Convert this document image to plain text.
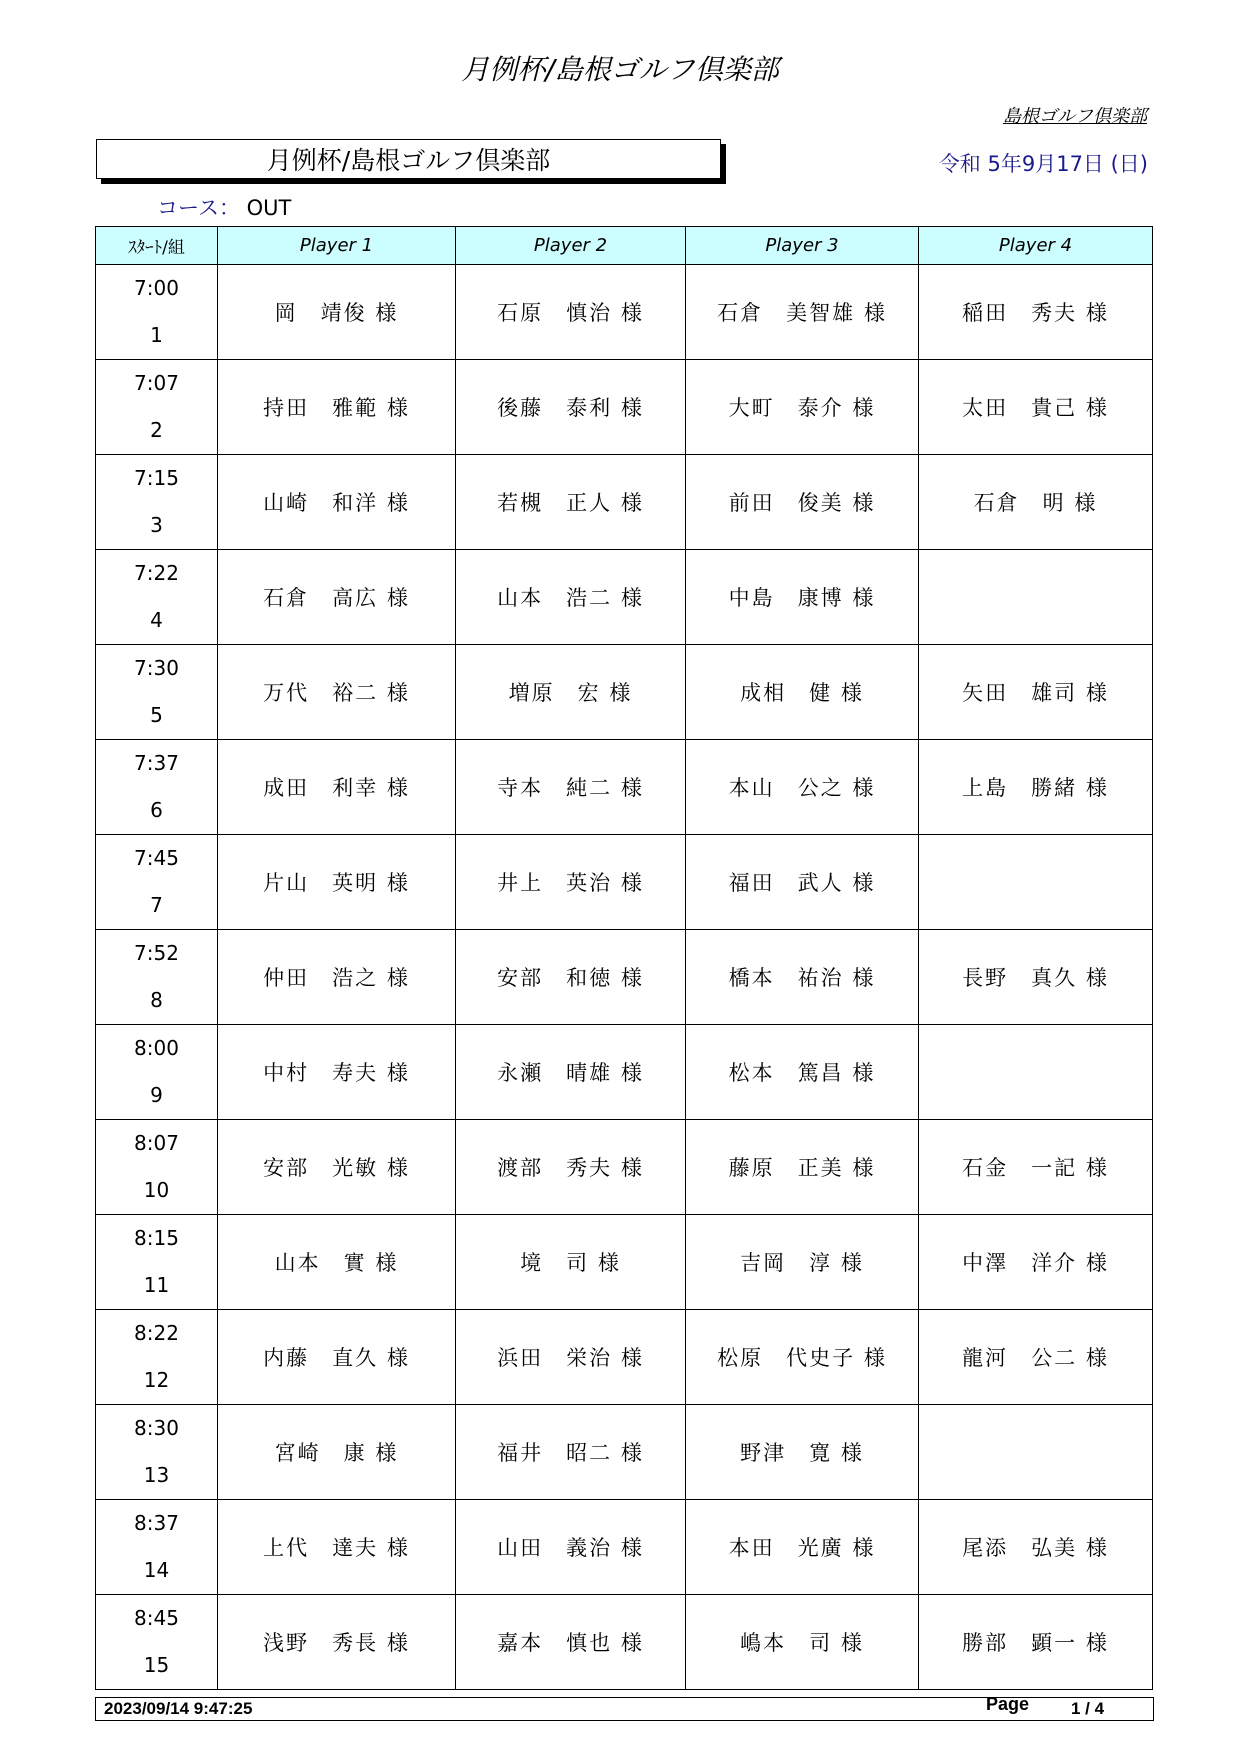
月例杯/島根ゴルフ倶楽部
島根ゴルフ倶楽部
月例杯/島根ゴルフ倶楽部	令和 5年9月17日 (日)
コース： OUT
ｽﾀｰﾄ/組	Player 1	Player 2	Player 3	Player 4

7:00
1	岡　靖俊 様	石原　慎治 様	石倉　美智雄 様	稲田　秀夫 様

7:07
2	持田　雅範 様	後藤　泰利 様	大町　泰介 様	太田　貴己 様

7:15
3	山崎　和洋 様	若槻　正人 様	前田　俊美 様	石倉　明 様

7:22
4	石倉　高広 様	山本　浩二 様	中島　康博 様	

7:30
5	万代　裕二 様	増原　宏 様	成相　健 様	矢田　雄司 様

7:37
6	成田　利幸 様	寺本　純二 様	本山　公之 様	上島　勝緒 様

7:45
7	片山　英明 様	井上　英治 様	福田　武人 様	

7:52
8	仲田　浩之 様	安部　和徳 様	橋本　祐治 様	長野　真久 様

8:00
9	中村　寿夫 様	永瀬　晴雄 様	松本　篤昌 様	

8:07
10	安部　光敏 様	渡部　秀夫 様	藤原　正美 様	石金　一記 様

8:15
11	山本　實 様	境　司 様	吉岡　淳 様	中澤　洋介 様

8:22
12	内藤　直久 様	浜田　栄治 様	松原　代史子 様	龍河　公二 様

8:30
13	宮崎　康 様	福井　昭二 様	野津　寛 様	

8:37
14	上代　達夫 様	山田　義治 様	本田　光廣 様	尾添　弘美 様

8:45
15	浅野　秀長 様	嘉本　慎也 様	嶋本　司 様	勝部　顕一 様
2023/09/14 9:47:25	Page 1 / 4
